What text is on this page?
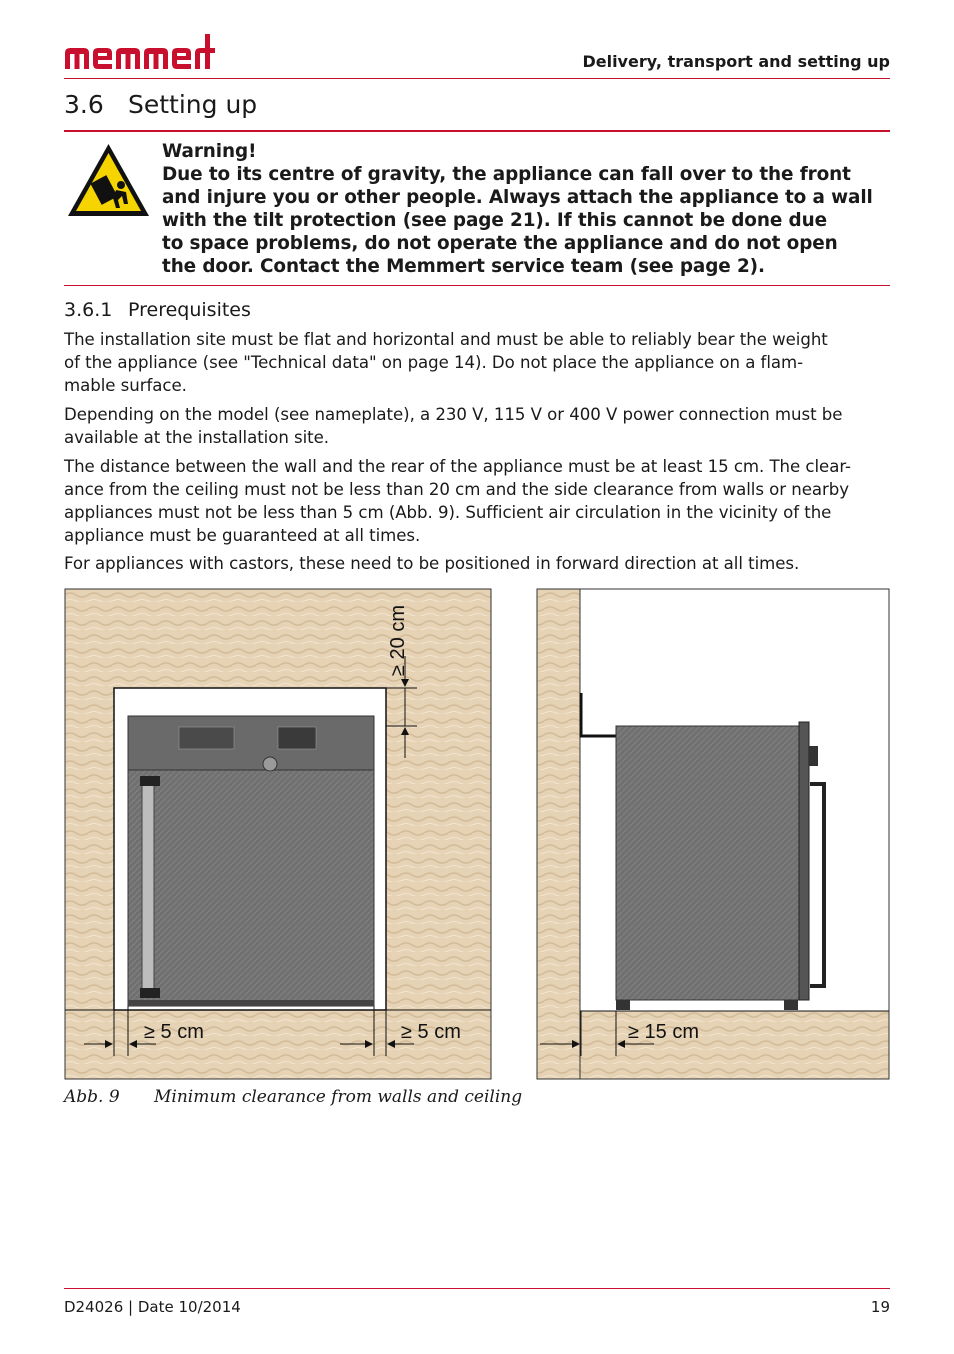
Delivery, transport and setting up
3.6 Setting up
Warning!
Due to its centre of gravity, the appliance can fall over to the front
and injure you or other people. Always attach the appliance to a wall
with the tilt protection (see page 21). If this cannot be done due
to space problems, do not operate the appliance and do not open
the door. Contact the Memmert service team (see page 2).
3.6.1 Prerequisites
The installation site must be flat and horizontal and must be able to reliably bear the weight
of the appliance (see "Technical data" on page 14). Do not place the appliance on a flam-
mable surface.
Depending on the model (see nameplate), a 230 V, 115 V or 400 V power connection must be
available at the installation site.
The distance between the wall and the rear of the appliance must be at least 15 cm. The clear-
ance from the ceiling must not be less than 20 cm and the side clearance from walls or nearby
appliances must not be less than 5 cm (Abb. 9). Sufficient air circulation in the vicinity of the
appliance must be guaranteed at all times.
For appliances with castors, these need to be positioned in forward direction at all times.
≥ 20 cm
≥ 5 cm	≥ 5 cm	≥ 15 cm
Abb. 9 Minimum clearance from walls and ceiling
D24026 | Date 10/2014	19
